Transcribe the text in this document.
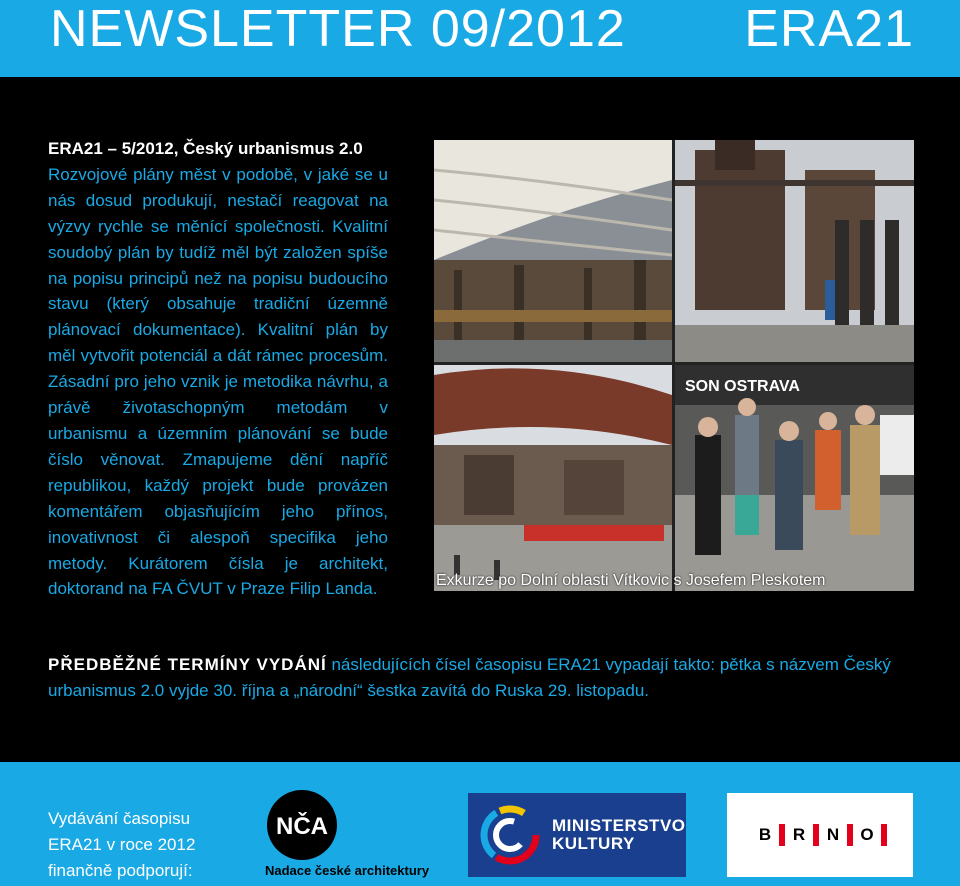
NEWSLETTER 09/2012 ERA21
ERA21 – 5/2012, Český urbanismus 2.0
Rozvojové plány měst v podobě, v jaké se u nás dosud produkují, nestačí reagovat na výzvy rychle se měnící společnosti. Kvalitní soudobý plán by tudíž měl být založen spíše na popisu principů než na popisu budoucího stavu (který obsahuje tradiční územně plánovací dokumentace). Kvalitní plán by měl vytvořit potenciál a dát rámec procesům. Zásadní pro jeho vznik je metodika návrhu, a právě životaschopným metodám v urbanismu a územním plánování se bude číslo věnovat. Zmapujeme dění napříč republikou, každý projekt bude provázen komentářem objasňujícím jeho přínos, inovativnost či alespoň specifika jeho metody. Kurátorem čísla je architekt, doktorand na FA ČVUT v Praze Filip Landa.
SON OSTRAVA
Exkurze po Dolní oblasti Vítkovic s Josefem Pleskotem
PŘEDBĚŽNÉ TERMÍNY VYDÁNÍ následujících čísel časopisu ERA21 vypadají takto: pětka s názvem Český urbanismus 2.0 vyjde 30. října a „národní“ šestka zavítá do Ruska 29. listopadu.
Vydávání časopisu
ERA21 v roce 2012
finančně podporují:
NČA
Nadace české architektury
MINISTERSTVO
KULTURY	B R N O
